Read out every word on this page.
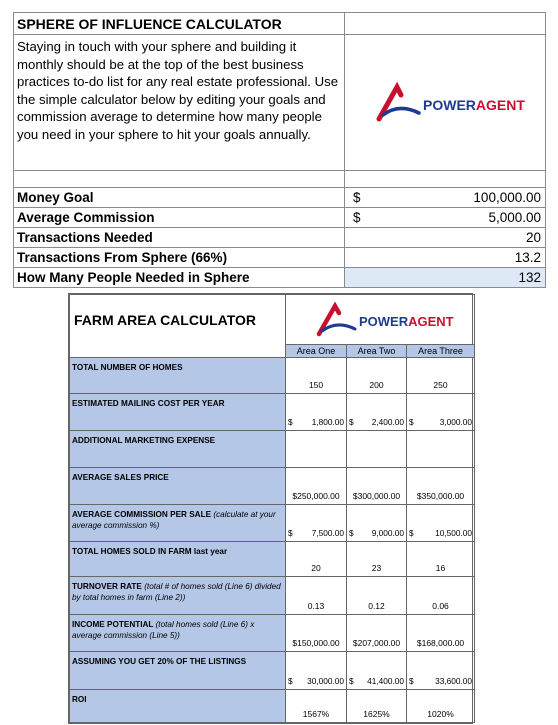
SPHERE OF INFLUENCE CALCULATOR		
Staying in touch with your sphere and building it monthly should be at the top of the best business practices to-do list for any real estate professional. Use the simple calculator below by editing your goals and commission average to determine how many people you need in your sphere to hit your goals annually.	POWERAGENT	

Money Goal	$	100,000.00
Average Commission	$	5,000.00
Transactions Needed		20
Transactions From Sphere (66%)		13.2
How Many People Needed in Sphere		132
FARM AREA CALCULATOR	POWERAGENT		

	Area One	Area Two	Area Three
TOTAL NUMBER OF HOMES	150	200	250
ESTIMATED MAILING COST PER YEAR	$ 1,800.00	$ 2,400.00	$ 3,000.00

ADDITIONAL MARKETING EXPENSE			
AVERAGE SALES PRICE	$250,000.00	$300,000.00	$350,000.00
AVERAGE COMMISSION PER SALE (calculate at your average commission %)	$ 7,500.00	$ 9,000.00	$ 10,500.00

TOTAL HOMES SOLD IN FARM last year	20	23	16
TURNOVER RATE (total # of homes sold (Line 6) divided by total homes in farm (Line 2))	0.13	0.12	0.06
INCOME POTENTIAL (total homes sold (Line 6) x average commission (Line 5))	$150,000.00	$207,000.00	$168,000.00
ASSUMING YOU GET 20% OF THE LISTINGS	$ 30,000.00	$ 41,400.00	$ 33,600.00

ROI	1567%	1625%	1020%
